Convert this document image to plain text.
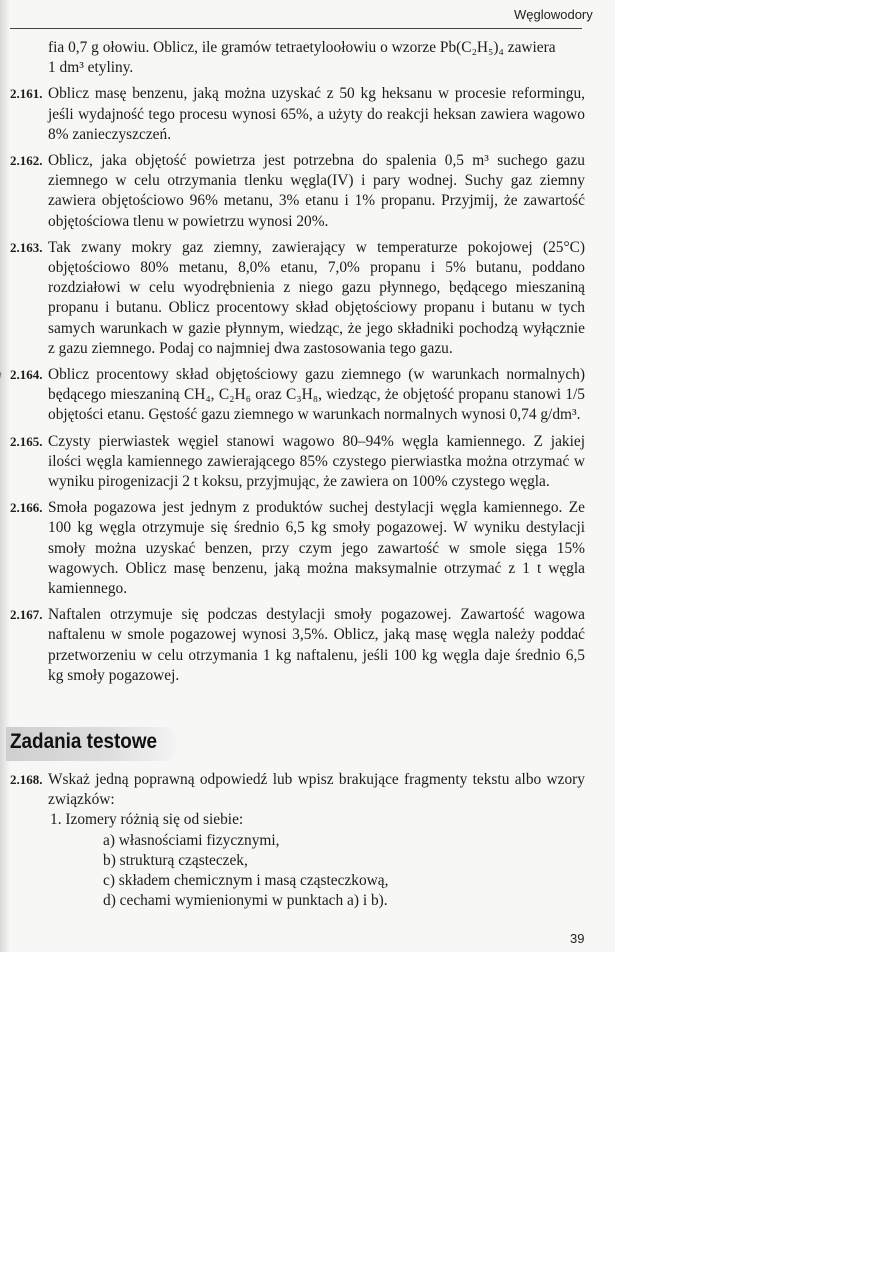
Węglowodory
fia 0,7 g ołowiu. Oblicz, ile gramów tetraetyloołowiu o wzorze Pb(C₂H₅)₄ zawiera
1 dm³ etyliny.
2.161. Oblicz masę benzenu, jaką można uzyskać z 50 kg heksanu w procesie reformingu, jeśli wydajność tego procesu wynosi 65%, a użyty do reakcji heksan zawiera wagowo 8% zanieczyszczeń.
2.162. Oblicz, jaka objętość powietrza jest potrzebna do spalenia 0,5 m³ suchego gazu ziemnego w celu otrzymania tlenku węgla(IV) i pary wodnej. Suchy gaz ziemny zawiera objętościowo 96% metanu, 3% etanu i 1% propanu. Przyjmij, że zawartość objętościowa tlenu w powietrzu wynosi 20%.
2.163. Tak zwany mokry gaz ziemny, zawierający w temperaturze pokojowej (25°C) objętościowo 80% metanu, 8,0% etanu, 7,0% propanu i 5% butanu, poddano rozdziałowi w celu wyodrębnienia z niego gazu płynnego, będącego mieszaniną propanu i butanu. Oblicz procentowy skład objętościowy propanu i butanu w tych samych warunkach w gazie płynnym, wiedząc, że jego składniki pochodzą wyłącznie z gazu ziemnego. Podaj co najmniej dwa zastosowania tego gazu.
2.164. Oblicz procentowy skład objętościowy gazu ziemnego (w warunkach normalnych) będącego mieszaniną CH₄, C₂H₆ oraz C₃H₈, wiedząc, że objętość propanu stanowi 1/5 objętości etanu. Gęstość gazu ziemnego w warunkach normalnych wynosi 0,74 g/dm³.
2.165. Czysty pierwiastek węgiel stanowi wagowo 80–94% węgla kamiennego. Z jakiej ilości węgla kamiennego zawierającego 85% czystego pierwiastka można otrzymać w wyniku pirogenizacji 2 t koksu, przyjmując, że zawiera on 100% czystego węgla.
2.166. Smoła pogazowa jest jednym z produktów suchej destylacji węgla kamiennego. Ze 100 kg węgla otrzymuje się średnio 6,5 kg smoły pogazowej. W wyniku destylacji smoły można uzyskać benzen, przy czym jego zawartość w smole sięga 15% wagowych. Oblicz masę benzenu, jaką można maksymalnie otrzymać z 1 t węgla kamiennego.
2.167. Naftalen otrzymuje się podczas destylacji smoły pogazowej. Zawartość wagowa naftalenu w smole pogazowej wynosi 3,5%. Oblicz, jaką masę węgla należy poddać przetworzeniu w celu otrzymania 1 kg naftalenu, jeśli 100 kg węgla daje średnio 6,5 kg smoły pogazowej.
Zadania testowe
2.168. Wskaż jedną poprawną odpowiedź lub wpisz brakujące fragmenty tekstu albo wzory związków:

1. Izomery różnią się od siebie:

a) własnościami fizycznymi,

b) strukturą cząsteczek,

c) składem chemicznym i masą cząsteczkową,

d) cechami wymienionymi w punktach a) i b).

39
